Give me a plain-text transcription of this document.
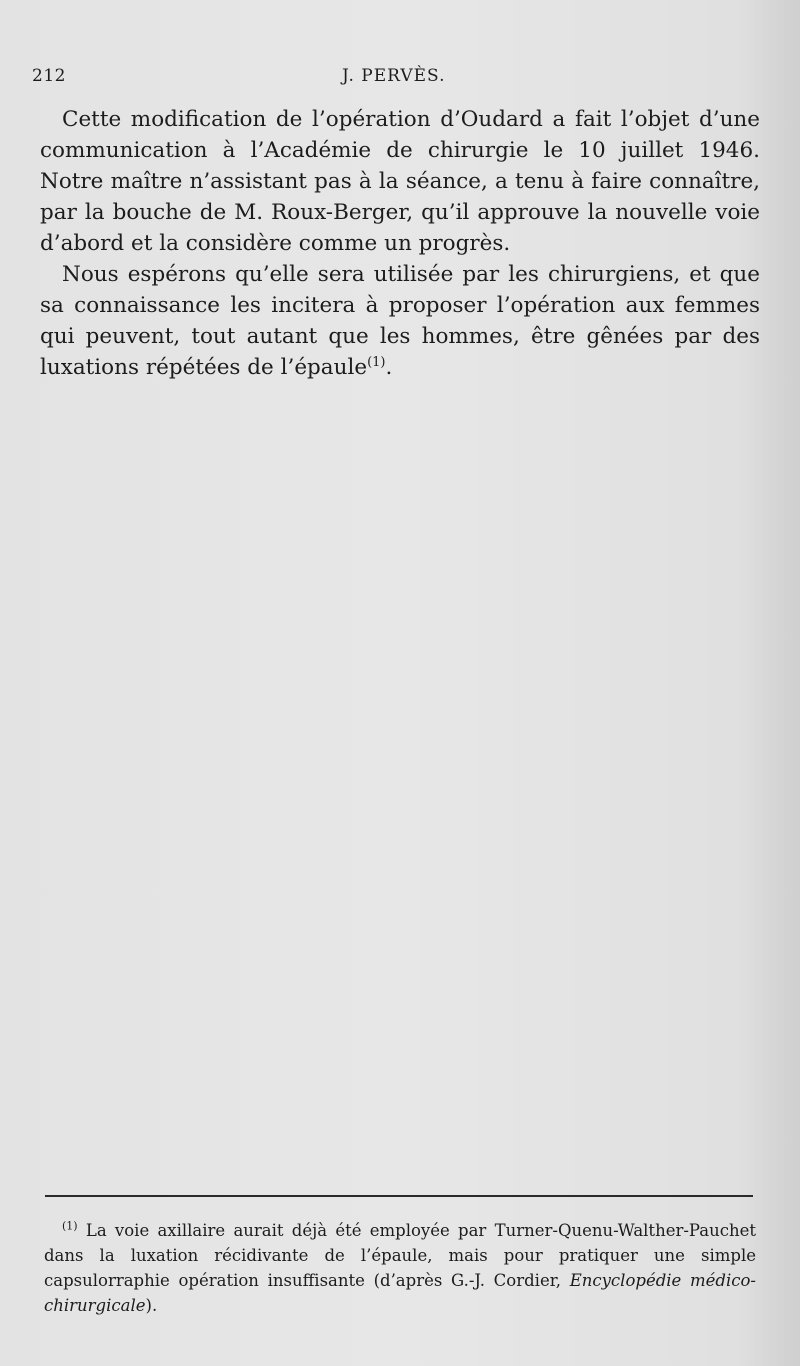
212	J. PERVÈS.

Cette modification de l’opération d’Oudard a fait l’objet d’une communication à l’Académie de chirurgie le 10 juillet 1946. Notre maître n’assistant pas à la séance, a tenu à faire connaître, par la bouche de M. Roux-Berger, qu’il approuve la nouvelle voie d’abord et la considère comme un progrès.

Nous espérons qu’elle sera utilisée par les chirurgiens, et que sa connaissance les incitera à proposer l’opération aux femmes qui peuvent, tout autant que les hommes, être gênées par des luxations répétées de l’épaule$^{(1)}$.

$^{(1)}$ La voie axillaire aurait déjà été employée par Turner-Quenu-Walther-Pauchet dans la luxation récidivante de l’épaule, mais pour pratiquer une simple capsulorraphie opération insuffisante (d’après G.-J. Cordier, Encyclopédie médico-chirurgicale).
